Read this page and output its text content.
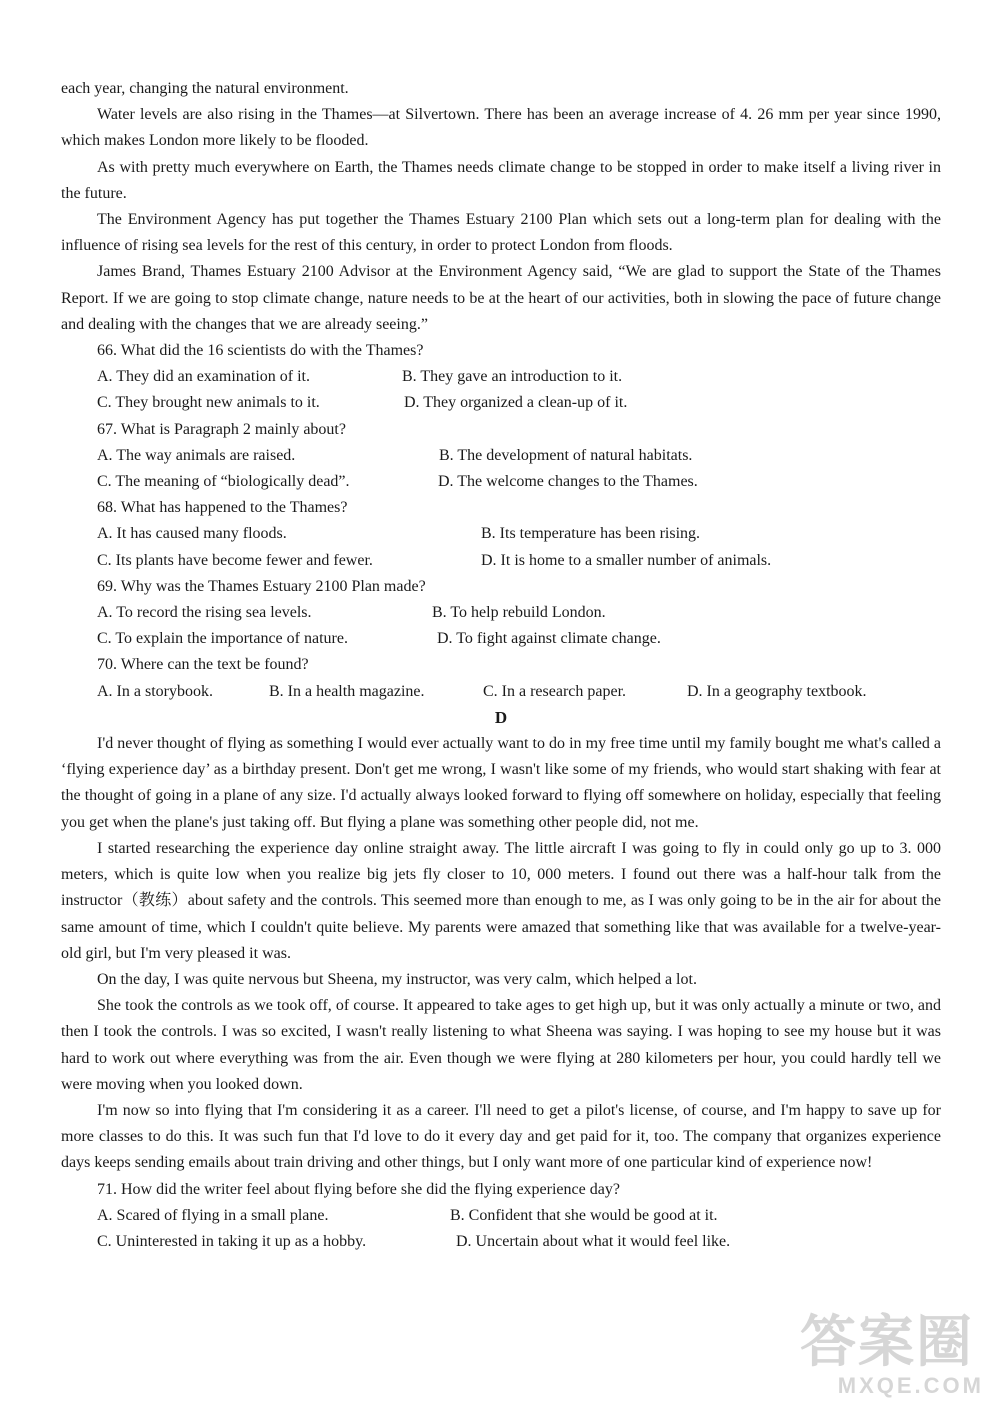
each year, changing the natural environment.

Water levels are also rising in the Thames—at Silvertown. There has been an average increase of 4. 26 mm per year since 1990, which makes London more likely to be flooded.

As with pretty much everywhere on Earth, the Thames needs climate change to be stopped in order to make itself a living river in the future.

The Environment Agency has put together the Thames Estuary 2100 Plan which sets out a long-term plan for dealing with the influence of rising sea levels for the rest of this century, in order to protect London from floods.

James Brand, Thames Estuary 2100 Advisor at the Environment Agency said, “We are glad to support the State of the Thames Report. If we are going to stop climate change, nature needs to be at the heart of our activities, both in slowing the pace of future change and dealing with the changes that we are already seeing.”

66. What did the 16 scientists do with the Thames?

A. They did an examination of it.	B. They gave an introduction to it.
C. They brought new animals to it.	D. They organized a clean-up of it.

67. What is Paragraph 2 mainly about?

A. The way animals are raised.	B. The development of natural habitats.
C. The meaning of “biologically dead”.	D. The welcome changes to the Thames.

68. What has happened to the Thames?

A. It has caused many floods.	B. Its temperature has been rising.
C. Its plants have become fewer and fewer.	D. It is home to a smaller number of animals.

69. Why was the Thames Estuary 2100 Plan made?

A. To record the rising sea levels.	B. To help rebuild London.
C. To explain the importance of nature.	D. To fight against climate change.

70. Where can the text be found?

A. In a storybook.	B. In a health magazine.	C. In a research paper.	D. In a geography textbook.

D

I'd never thought of flying as something I would ever actually want to do in my free time until my family bought me what's called a ‘flying experience day’ as a birthday present. Don't get me wrong, I wasn't like some of my friends, who would start shaking with fear at the thought of going in a plane of any size. I'd actually always looked forward to flying off somewhere on holiday, especially that feeling you get when the plane's just taking off. But flying a plane was something other people did, not me.

I started researching the experience day online straight away. The little aircraft I was going to fly in could only go up to 3. 000 meters, which is quite low when you realize big jets fly closer to 10, 000 meters. I found out there was a half-hour talk from the instructor（教练）about safety and the controls. This seemed more than enough to me, as I was only going to be in the air for about the same amount of time, which I couldn't quite believe. My parents were amazed that something like that was available for a twelve-year-old girl, but I'm very pleased it was.

On the day, I was quite nervous but Sheena, my instructor, was very calm, which helped a lot.

She took the controls as we took off, of course. It appeared to take ages to get high up, but it was only actually a minute or two, and then I took the controls. I was so excited, I wasn't really listening to what Sheena was saying. I was hoping to see my house but it was hard to work out where everything was from the air. Even though we were flying at 280 kilometers per hour, you could hardly tell we were moving when you looked down.

I'm now so into flying that I'm considering it as a career. I'll need to get a pilot's license, of course, and I'm happy to save up for more classes to do this. It was such fun that I'd love to do it every day and get paid for it, too. The company that organizes experience days keeps sending emails about train driving and other things, but I only want more of one particular kind of experience now!

71. How did the writer feel about flying before she did the flying experience day?

A. Scared of flying in a small plane.	B. Confident that she would be good at it.
C. Uninterested in taking it up as a hobby.	D. Uncertain about what it would feel like.
答案圈
MXQE.COM
